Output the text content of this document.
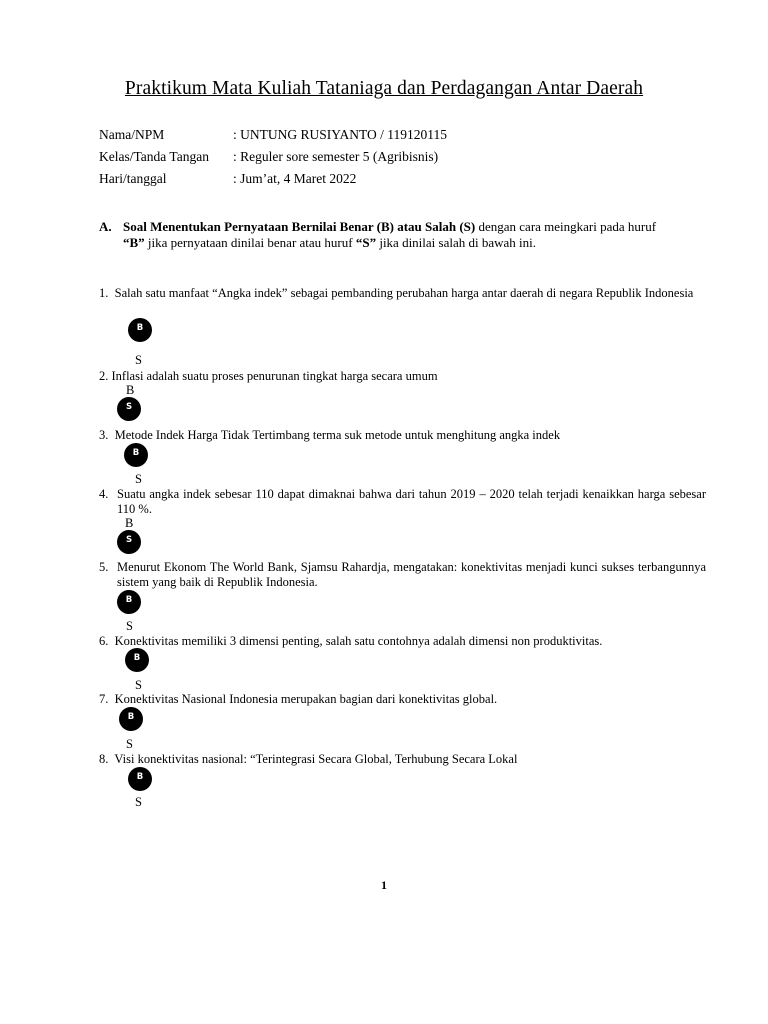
Praktikum Mata Kuliah Tataniaga dan Perdagangan Antar Daerah
Nama/NPM	: UNTUNG RUSIYANTO / 119120115
Kelas/Tanda Tangan : Reguler sore semester 5 (Agribisnis)
Hari/tanggal	: Jum’at, 4 Maret 2022
A. Soal Menentukan Pernyataan Bernilai Benar (B) atau Salah (S) dengan cara meingkari pada huruf
“B” jika pernyataan dinilai benar atau huruf “S” jika dinilai salah di bawah ini.
1. Salah satu manfaat “Angka indek” sebagai pembanding perubahan harga antar daerah di negara Republik Indonesia
B
S
2. Inflasi adalah suatu proses penurunan tingkat harga secara umum
B
S
3. Metode Indek Harga Tidak Tertimbang terma suk metode untuk menghitung angka indek
B
S
4. Suatu angka indek sebesar 110 dapat dimaknai bahwa dari tahun 2019 – 2020 telah terjadi kenaikkan harga sebesar 110 %.
B
S
5. Menurut Ekonom The World Bank, Sjamsu Rahardja, mengatakan: konektivitas menjadi kunci sukses terbangunnya sistem yang baik di Republik Indonesia.
B
S
6. Konektivitas memiliki 3 dimensi penting, salah satu contohnya adalah dimensi non produktivitas.
B
S
7. Konektivitas Nasional Indonesia merupakan bagian dari konektivitas global.
B
S
8. Visi konektivitas nasional: “Terintegrasi Secara Global, Terhubung Secara Lokal
B
S
1
